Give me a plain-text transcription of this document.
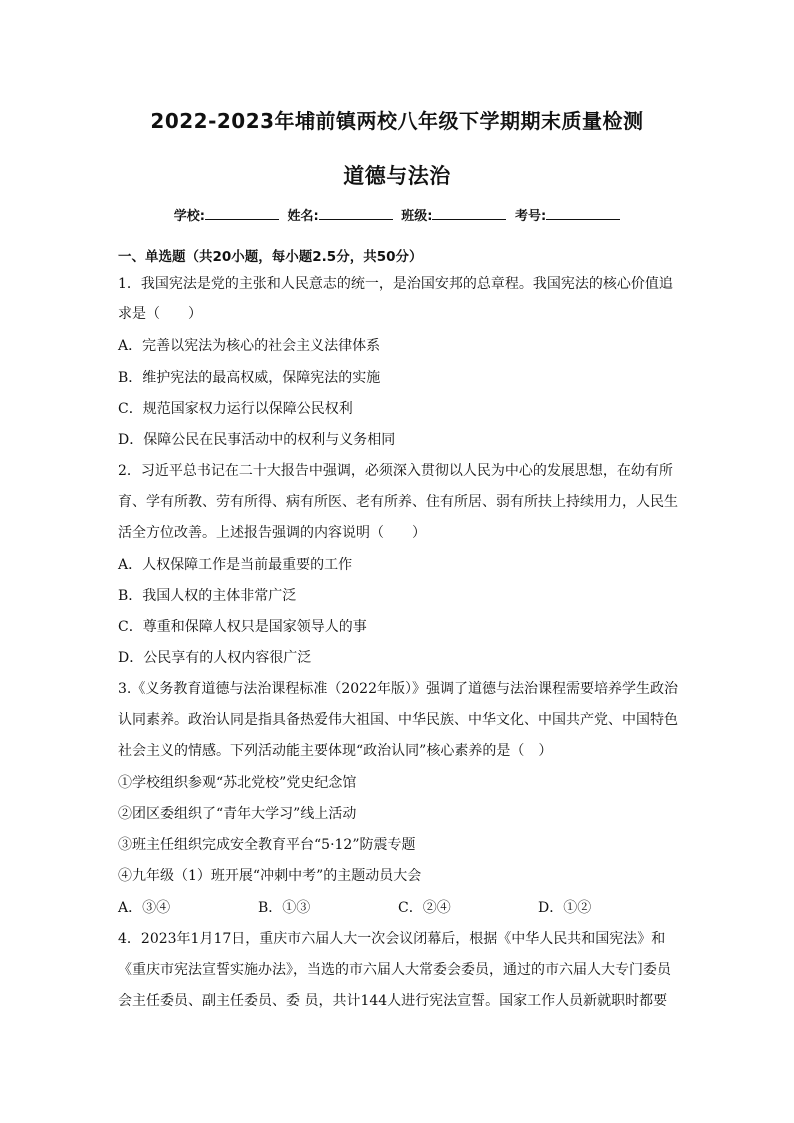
2022-2023年埔前镇两校八年级下学期期末质量检测
道德与法治
学校:	姓名:	班级:	考号:
一、单选题（共20小题，每小题2.5分，共50分）
1．我国宪法是党的主张和人民意志的统一，是治国安邦的总章程。我国宪法的核心价值追
求是（　　）
A．完善以宪法为核心的社会主义法律体系
B．维护宪法的最高权威，保障宪法的实施
C．规范国家权力运行以保障公民权利
D．保障公民在民事活动中的权利与义务相同
2．习近平总书记在二十大报告中强调，必须深入贯彻以人民为中心的发展思想，在幼有所
育、学有所教、劳有所得、病有所医、老有所养、住有所居、弱有所扶上持续用力，人民生
活全方位改善。上述报告强调的内容说明（　　）
A．人权保障工作是当前最重要的工作
B．我国人权的主体非常广泛
C．尊重和保障人权只是国家领导人的事
D．公民享有的人权内容很广泛
3.《义务教育道德与法治课程标准（2022年版）》强调了道德与法治课程需要培养学生政治
认同素养。政治认同是指具备热爱伟大祖国、中华民族、中华文化、中国共产党、中国特色
社会主义的情感。下列活动能主要体现“政治认同”核心素养的是（　）
①学校组织参观“苏北党校”党史纪念馆
②团区委组织了“青年大学习”线上活动
③班主任组织完成安全教育平台“5·12”防震专题
④九年级（1）班开展“冲刺中考”的主题动员大会
A．③④	B．①③	C．②④	D．①②
4．2023年1月17日，重庆市六届人大一次会议闭幕后，根据《中华人民共和国宪法》和
《重庆市宪法宣誓实施办法》，当选的市六届人大常委会委员，通过的市六届人大专门委员
会主任委员、副主任委员、委 员，共计144人进行宪法宣誓。国家工作人员新就职时都要
